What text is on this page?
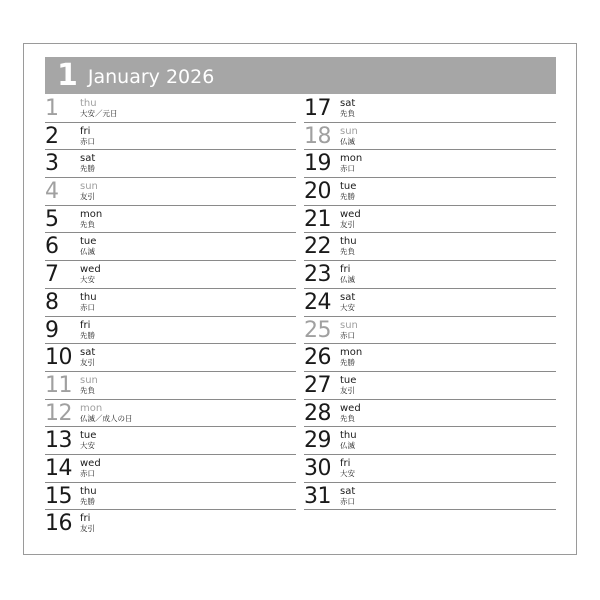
1 January 2026
1	thu
大安／元日
2	fri
赤口
3	sat
先勝
4	sun
友引
5	mon
先負
6	tue
仏滅
7	wed
大安
8	thu
赤口
9	fri
先勝
10 sat
友引
11 sun
先負
12 mon
仏滅／成人の日
13 tue
大安
14 wed
赤口
15 thu
先勝
16 fri
友引
17 sat
先負
18 sun
仏滅
19 mon
赤口
20 tue
先勝
21 wed
友引
22 thu
先負
23 fri
仏滅
24 sat
大安
25 sun
赤口
26 mon
先勝
27 tue
友引
28 wed
先負
29 thu
仏滅
30 fri
大安
31 sat
赤口
